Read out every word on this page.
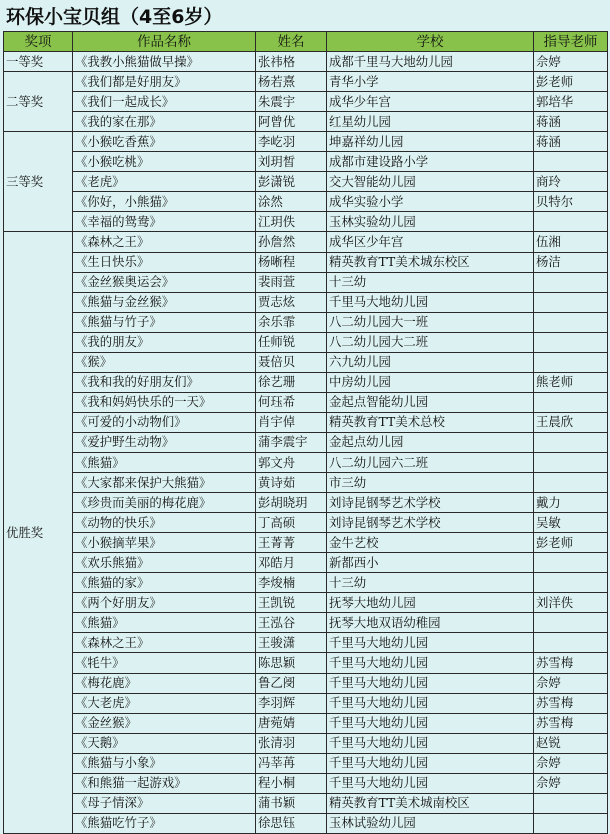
环保小宝贝组（4至6岁）
奖项	作品名称	姓名	学校	指导老师
一等奖	《我教小熊猫做早操》	张祎格	成都千里马大地幼儿园	佘婷
二等奖	《我们都是好朋友》	杨若熹	青华小学	彭老师
	《我们一起成长》	朱震宇	成华少年宫	郭培华
	《我的家在那》	阿曾优	红星幼儿园	蒋涵
三等奖	《小猴吃香蕉》	李屹羽	坤嘉祥幼儿园	蒋涵
	《小猴吃桃》	刘玥皙	成都市建设路小学	
	《老虎》	彭潇锐	交大智能幼儿园	商玲
	《你好，小熊猫》	涂然	成华实验小学	贝特尔
	《幸福的鸳鸯》	江玥佚	玉林实验幼儿园	
优胜奖	《森林之王》	孙詹然	成华区少年宫	伍湘
	《生日快乐》	杨晰程	精英教育TT美术城东校区	杨洁
	《金丝猴奥运会》	裴雨萱	十三幼	
	《熊猫与金丝猴》	贾志炫	千里马大地幼儿园	
	《熊猫与竹子》	余乐霏	八二幼儿园大一班	
	《我的朋友》	任师锐	八二幼儿园大二班	
	《猴》	聂倍贝	六九幼儿园	
	《我和我的好朋友们》	徐艺珊	中房幼儿园	熊老师
	《我和妈妈快乐的一天》	何珏希	金起点智能幼儿园	
	《可爱的小动物们》	肖宇倬	精英教育TT美术总校	王晨欣
	《爱护野生动物》	蒲李震宇	金起点幼儿园	
	《熊猫》	郭文舟	八二幼儿园六二班	
	《大家都来保护大熊猫》	黄诗茹	市三幼	
	《珍贵而美丽的梅花鹿》	彭胡晓玥	刘诗昆钢琴艺术学校	戴力
	《动物的快乐》	丁高硕	刘诗昆钢琴艺术学校	吴敏
	《小猴摘苹果》	王菁菁	金牛艺校	彭老师
	《欢乐熊猫》	邓皓月	新都西小	
	《熊猫的家》	李焌楠	十三幼	
	《两个好朋友》	王凯锐	抚琴大地幼儿园	刘洋佚
	《熊猫》	王泓谷	抚琴大地双语幼稚园	
	《森林之王》	王骏潇	千里马大地幼儿园	
	《牦牛》	陈思颖	千里马大地幼儿园	苏雪梅
	《梅花鹿》	鲁乙阌	千里马大地幼儿园	佘婷
	《大老虎》	李羽辉	千里马大地幼儿园	苏雪梅
	《金丝猴》	唐菀婧	千里马大地幼儿园	苏雪梅
	《天鹅》	张清羽	千里马大地幼儿园	赵锐
	《熊猫与小象》	冯莘苒	千里马大地幼儿园	佘婷
	《和熊猫一起游戏》	程小桐	千里马大地幼儿园	佘婷
	《母子情深》	蒲书颖	精英教育TT美术城南校区	
	《熊猫吃竹子》	徐思钰	玉林试验幼儿园	
